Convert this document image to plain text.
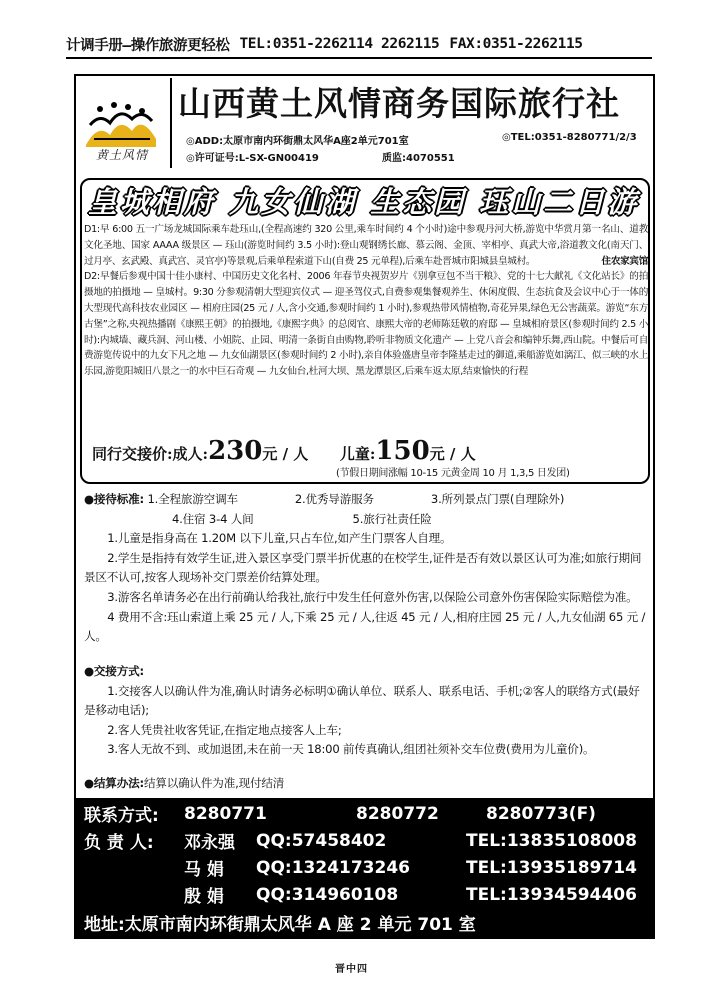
计调手册—操作旅游更轻松 TEL:0351-2262114 2262115 FAX:0351-2262115
黄土风情
山西黄土风情商务国际旅行社
◎ADD:太原市南内环街鼎太风华A座2单元701室	◎TEL:0351-8280771/2/3
◎许可证号:L-SX-GN00419	质监:4070551
皇城相府 九女仙湖 生态园 珏山二日游

D1:早 6:00 五一广场龙城国际乘车赴珏山,(全程高速约 320 公里,乘车时间约 4 个小时)途中参观丹河大桥,游览中华赏月第一名山、道教文化圣地、国家 AAAA 级景区 — 珏山(游览时间约 3.5 小时):登山观钢绣长廊、慕云阁、金顶、宰相亭、真武大帝,浴道教文化(南天门、过月亭、玄武殿、真武宫、灵官亭)等景观,后乘单程索道下山(自费 25 元单程),后乘车赴晋城市阳城县皇城村。	住农家宾馆

D2:早餐后参观中国十佳小康村、中国历史文化名村、2006 年春节央视贺岁片《别拿豆包不当干粮》、党的十七大献礼《文化站长》的拍摄地的拍摄地 — 皇城村。9:30 分参观清朝大型迎宾仪式 — 迎圣驾仪式,自费参观集餐观养生、休闲度假、生态抗食及会议中心于一体的大型现代高科技农业园区 — 相府庄园(25 元 / 人,含小交通,参观时间约 1 小时),参观热带风情植物,奇花异果,绿色无公害蔬菜。游览“东方古堡”之称,央视热播剧《康熙王朝》的拍摄地,《康熙字典》的总阅官、康熙大帝的老师陈廷敬的府邸 — 皇城相府景区(参观时间约 2.5 小时):内城墙、藏兵洞、河山楼、小姐院、止园、明清一条街自由购物,聆听非物质文化遗产 — 上党八音会和编钟乐舞,西山院。中餐后可自费游览传说中的九女下凡之地 — 九女仙湖景区(参观时间约 2 小时),亲自体验盛唐皇帝李隆基走过的御道,乘船游览如漓江、似三峡的水上乐园,游览阳城旧八景之一的水中巨石奇观 — 九女仙台,杜河大坝、黑龙潭景区,后乘车返太原,结束愉快的行程

同行交接价:成人:230元 / 人 儿童:150元 / 人
(节假日期间涨幅 10-15 元黄金周 10 月 1,3,5 日发团)

●接待标准: 1.全程旅游空调车	2.优秀导游服务	3.所列景点门票(自理除外)

4.住宿 3-4 人间	5.旅行社责任险

1.儿童是指身高在 1.20M 以下儿童,只占车位,如产生门票客人自理。

2.学生是指持有效学生证,进入景区享受门票半折优惠的在校学生,证件是否有效以景区认可为准;如旅行期间景区不认可,按客人现场补交门票差价结算处理。

3.游客名单请务必在出行前确认给我社,旅行中发生任何意外伤害,以保险公司意外伤害保险实际赔偿为准。

4 费用不含:珏山索道上乘 25 元 / 人,下乘 25 元 / 人,往返 45 元 / 人,相府庄园 25 元 / 人,九女仙湖 65 元 / 人。

●交接方式:

1.交接客人以确认件为准,确认时请务必标明①确认单位、联系人、联系电话、手机;②客人的联络方式(最好是移动电话);

2.客人凭贵社收客凭证,在指定地点接客人上车;

3.客人无故不到、或加退团,未在前一天 18:00 前传真确认,组团社须补交车位费(费用为儿童价)。

●结算办法:结算以确认件为准,现付结清

联系方式:	8280771	8280772	8280773(F)
负 责 人:	邓永强	QQ:57458402	TEL:13835108008
马 娟	QQ:1324173246	TEL:13935189714
殷 娟	QQ:314960108	TEL:13934594406
地址:太原市南内环街鼎太风华 A 座 2 单元 701 室
晋中四
